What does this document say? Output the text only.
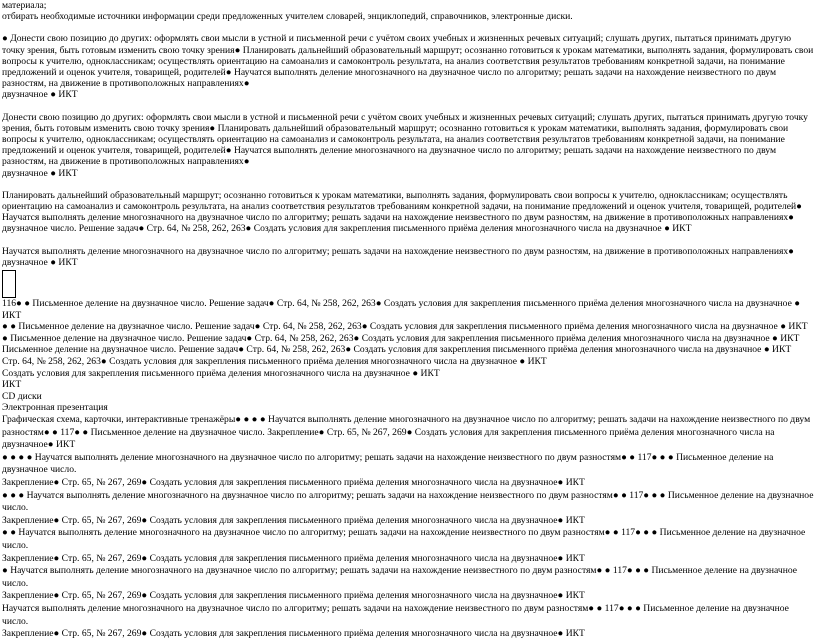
материала;

отбирать необходимые источники информации среди предложенных учителем словарей, энциклопедий, справочников, электронные диски.

● Донести свою позицию до других: оформлять свои мысли в устной и письменной речи с учётом своих учебных и жизненных речевых ситуаций; слушать других, пытаться принимать другую точку зрения, быть готовым изменить свою точку зрения● Планировать дальнейший образовательный маршрут; осознанно готовиться к урокам математики, выполнять задания, формулировать свои вопросы к учителю, одноклассникам; осуществлять ориентацию на самоанализ и самоконтроль результата, на анализ соответствия результатов требованиям конкретной задачи, на понимание предложений и оценок учителя, товарищей, родителей● Научатся выполнять деление многозначного на двузначное число по алгоритму; решать задачи на нахождение неизвестного по двум разностям, на движение в противоположных направлениях●

двузначное ● ИКТ

Донести свою позицию до других: оформлять свои мысли в устной и письменной речи с учётом своих учебных и жизненных речевых ситуаций; слушать других, пытаться принимать другую точку зрения, быть готовым изменить свою точку зрения● Планировать дальнейший образовательный маршрут; осознанно готовиться к урокам математики, выполнять задания, формулировать свои вопросы к учителю, одноклассникам; осуществлять ориентацию на самоанализ и самоконтроль результата, на анализ соответствия результатов требованиям конкретной задачи, на понимание предложений и оценок учителя, товарищей, родителей● Научатся выполнять деление многозначного на двузначное число по алгоритму; решать задачи на нахождение неизвестного по двум разностям, на движение в противоположных направлениях●

двузначное ● ИКТ

Планировать дальнейший образовательный маршрут; осознанно готовиться к урокам математики, выполнять задания, формулировать свои вопросы к учителю, одноклассникам; осуществлять ориентацию на самоанализ и самоконтроль результата, на анализ соответствия результатов требованиям конкретной задачи, на понимание предложений и оценок учителя, товарищей, родителей● Научатся выполнять деление многозначного на двузначное число по алгоритму; решать задачи на нахождение неизвестного по двум разностям, на движение в противоположных направлениях●

двузначное число. Решение задач● Стр. 64, № 258, 262, 263● Создать условия для закрепления письменного приёма деления многозначного числа на двузначное ● ИКТ

Научатся выполнять деление многозначного на двузначное число по алгоритму; решать задачи на нахождение неизвестного по двум разностям, на движение в противоположных направлениях●

двузначное ● ИКТ

116● ● Письменное деление на двузначное число. Решение задач● Стр. 64, № 258, 262, 263● Создать условия для закрепления письменного приёма деления многозначного числа на двузначное ● ИКТ

● ● Письменное деление на двузначное число. Решение задач● Стр. 64, № 258, 262, 263● Создать условия для закрепления письменного приёма деления многозначного числа на двузначное ● ИКТ

● Письменное деление на двузначное число. Решение задач● Стр. 64, № 258, 262, 263● Создать условия для закрепления письменного приёма деления многозначного числа на двузначное ● ИКТ

Письменное деление на двузначное число. Решение задач● Стр. 64, № 258, 262, 263● Создать условия для закрепления письменного приёма деления многозначного числа на двузначное ● ИКТ

Стр. 64, № 258, 262, 263● Создать условия для закрепления письменного приёма деления многозначного числа на двузначное ● ИКТ

Создать условия для закрепления письменного приёма деления многозначного числа на двузначное ● ИКТ

ИКТ

CD диски

Электронная презентация

Графическая схема, карточки, интерактивные тренажёры● ● ● ● Научатся выполнять деление многозначного на двузначное число по алгоритму; решать задачи на нахождение неизвестного по двум

разностям● ● 117● ● Письменное деление на двузначное число. Закрепление● Стр. 65, № 267, 269● Создать условия для закрепления письменного приёма деления многозначного числа на двузначное● ИКТ

● ● ● ● Научатся выполнять деление многозначного на двузначное число по алгоритму; решать задачи на нахождение неизвестного по двум разностям● ● 117● ● ● Письменное деление на двузначное число.

Закрепление● Стр. 65, № 267, 269● Создать условия для закрепления письменного приёма деления многозначного числа на двузначное● ИКТ

● ● ● Научатся выполнять деление многозначного на двузначное число по алгоритму; решать задачи на нахождение неизвестного по двум разностям● ● 117● ● ● Письменное деление на двузначное число.

Закрепление● Стр. 65, № 267, 269● Создать условия для закрепления письменного приёма деления многозначного числа на двузначное● ИКТ

● ● Научатся выполнять деление многозначного на двузначное число по алгоритму; решать задачи на нахождение неизвестного по двум разностям● ● 117● ● ● Письменное деление на двузначное число.

Закрепление● Стр. 65, № 267, 269● Создать условия для закрепления письменного приёма деления многозначного числа на двузначное● ИКТ

● Научатся выполнять деление многозначного на двузначное число по алгоритму; решать задачи на нахождение неизвестного по двум разностям● ● 117● ● ● Письменное деление на двузначное число.

Закрепление● Стр. 65, № 267, 269● Создать условия для закрепления письменного приёма деления многозначного числа на двузначное● ИКТ

Научатся выполнять деление многозначного на двузначное число по алгоритму; решать задачи на нахождение неизвестного по двум разностям● ● 117● ● ● Письменное деление на двузначное число.

Закрепление● Стр. 65, № 267, 269● Создать условия для закрепления письменного приёма деления многозначного числа на двузначное● ИКТ
